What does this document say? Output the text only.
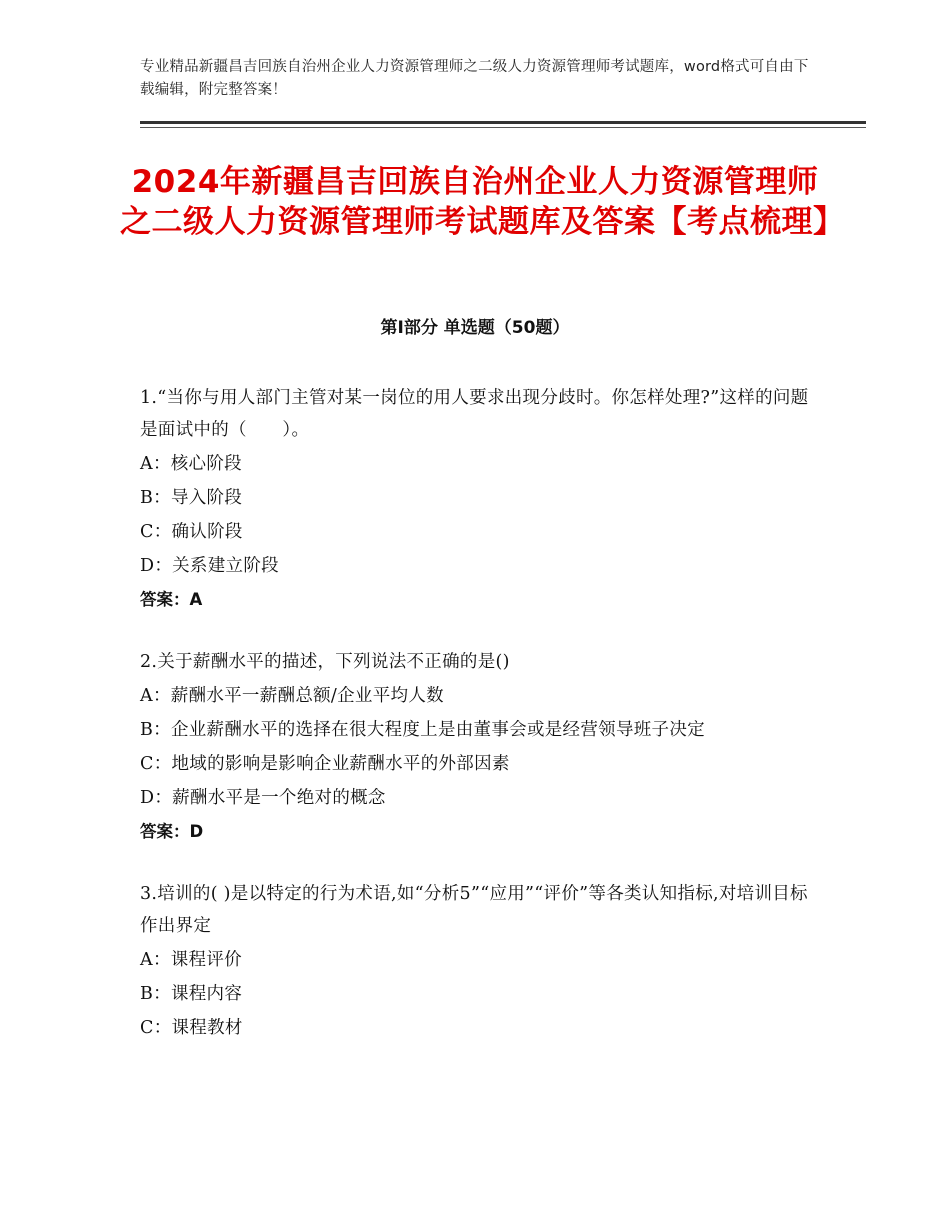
专业精品新疆昌吉回族自治州企业人力资源管理师之二级人力资源管理师考试题库，word格式可自由下载编辑，附完整答案！
2024年新疆昌吉回族自治州企业人力资源管理师之二级人力资源管理师考试题库及答案【考点梳理】
第Ⅰ部分 单选题（50题）

1.“当你与用人部门主管对某一岗位的用人要求出现分歧时。你怎样处理?”这样的问题是面试中的（　　）。

A：核心阶段

B：导入阶段

C：确认阶段

D：关系建立阶段

答案：A

2.关于薪酬水平的描述，下列说法不正确的是()

A：薪酬水平一薪酬总额/企业平均人数

B：企业薪酬水平的选择在很大程度上是由董事会或是经营领导班子决定

C：地域的影响是影响企业薪酬水平的外部因素

D：薪酬水平是一个绝对的概念

答案：D

3.培训的( )是以特定的行为术语,如“分析5”“应用”“评价”等各类认知指标,对培训目标作出界定

A：课程评价

B：课程内容

C：课程教材
